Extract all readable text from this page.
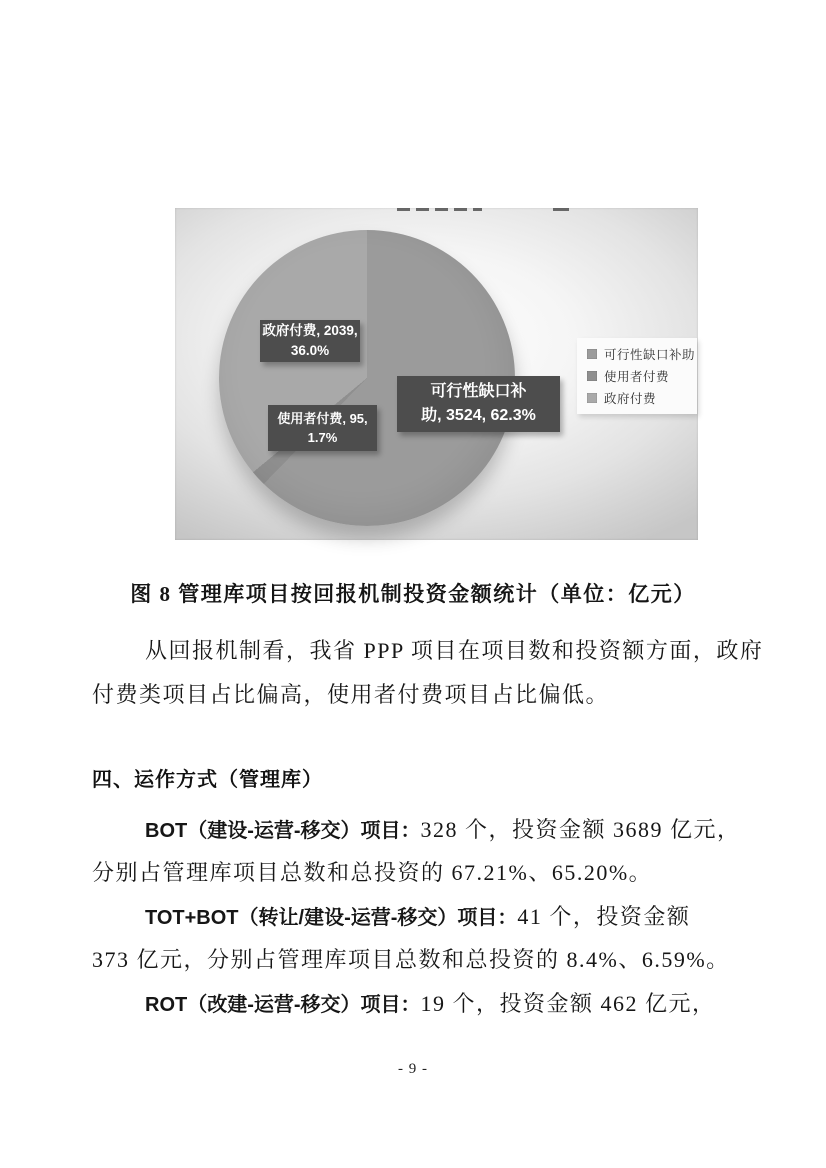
政府付费, 2039,
36.0%
可行性缺口补
助, 3524, 62.3%
使用者付费, 95,
1.7%
可行性缺口补助
使用者付费
政府付费
图 8 管理库项目按回报机制投资金额统计（单位：亿元）
从回报机制看，我省 PPP 项目在项目数和投资额方面，政府
付费类项目占比偏高，使用者付费项目占比偏低。
四、运作方式（管理库）
BOT（建设-运营-移交）项目：328 个，投资金额 3689 亿元，
分别占管理库项目总数和总投资的 67.21%、65.20%。
TOT+BOT（转让/建设-运营-移交）项目：41 个，投资金额
373 亿元，分别占管理库项目总数和总投资的 8.4%、6.59%。
ROT（改建-运营-移交）项目：19 个，投资金额 462 亿元，
- 9 -
